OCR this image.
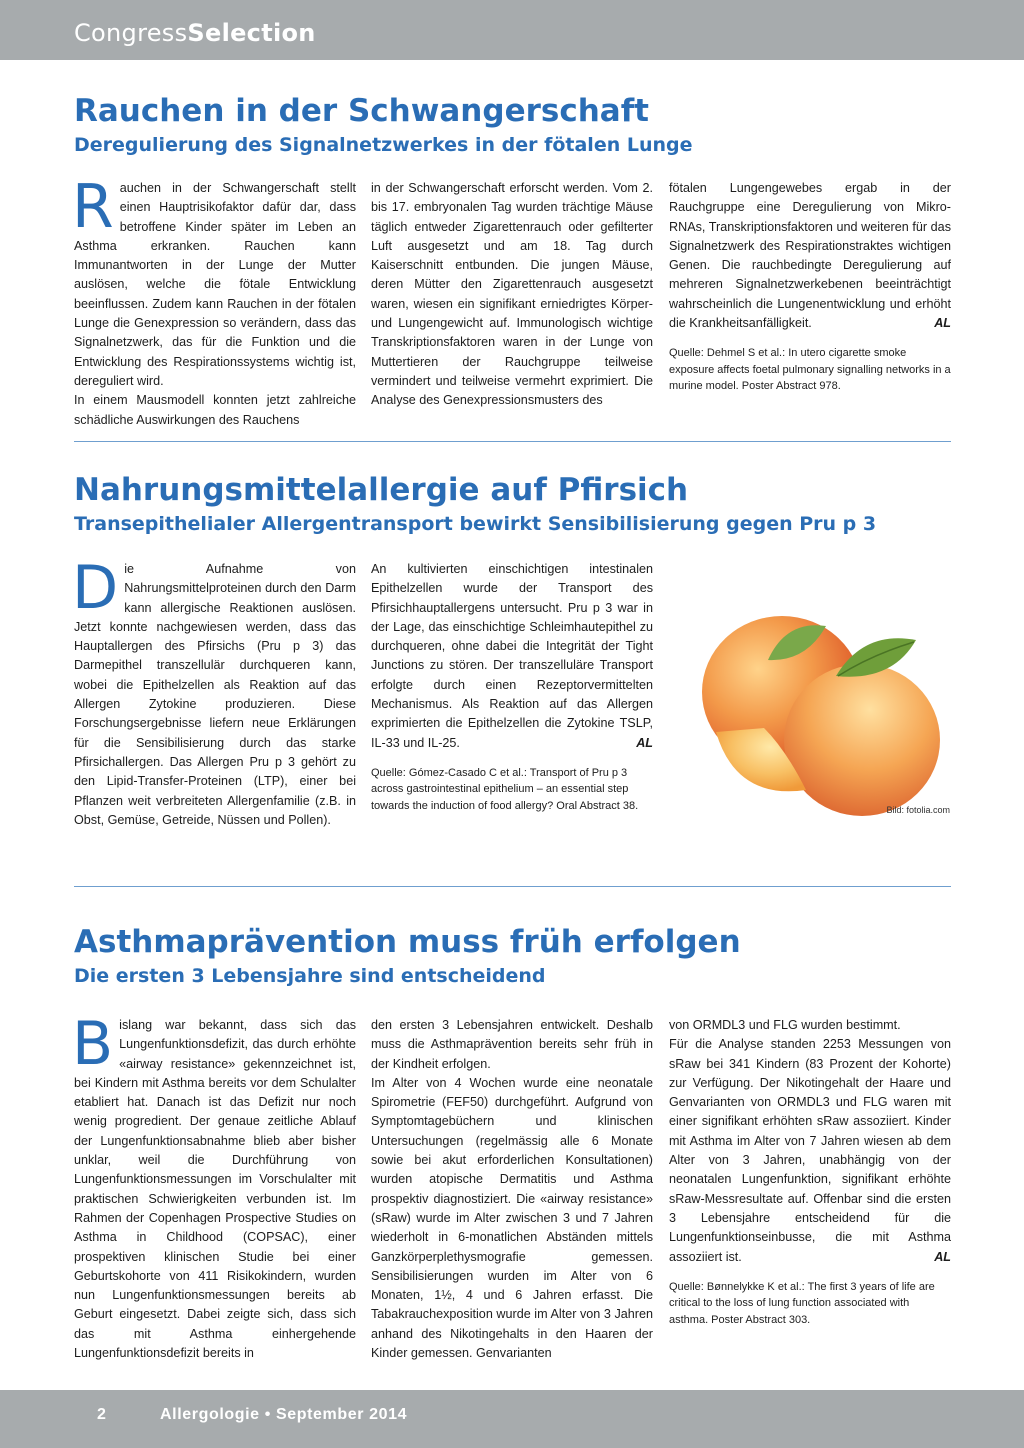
CongressSelection
Rauchen in der Schwangerschaft
Deregulierung des Signalnetzwerkes in der fötalen Lunge

Rauchen in der Schwangerschaft stellt einen Hauptrisikofaktor dafür dar, dass betroffene Kinder später im Leben an Asthma erkranken. Rauchen kann Immunantworten in der Lunge der Mutter auslösen, welche die fötale Entwicklung beeinflussen. Zudem kann Rauchen in der fötalen Lunge die Genexpression so verändern, dass das Signalnetzwerk, das für die Funktion und die Entwicklung des Respirationssystems wichtig ist, dereguliert wird.

In einem Mausmodell konnten jetzt zahlreiche schädliche Auswirkungen des Rauchens

in der Schwangerschaft erforscht werden. Vom 2. bis 17. embryonalen Tag wurden trächtige Mäuse täglich entweder Zigarettenrauch oder gefilterter Luft ausgesetzt und am 18. Tag durch Kaiserschnitt entbunden. Die jungen Mäuse, deren Mütter den Zigarettenrauch ausgesetzt waren, wiesen ein signifikant erniedrigtes Körper- und Lungengewicht auf. Immunologisch wichtige Transkriptionsfaktoren waren in der Lunge von Muttertieren der Rauchgruppe teilweise vermindert und teilweise vermehrt exprimiert. Die Analyse des Genexpressionsmusters des

fötalen Lungengewebes ergab in der Rauchgruppe eine Deregulierung von Mikro-RNAs, Transkriptionsfaktoren und weiteren für das Signalnetzwerk des Respirationstraktes wichtigen Genen. Die rauchbedingte Deregulierung auf mehreren Signalnetzwerkebenen beeinträchtigt wahrscheinlich die Lungenentwicklung und erhöht die Krankheitsanfälligkeit.	AL

Quelle: Dehmel S et al.: In utero cigarette smoke exposure affects foetal pulmonary signalling networks in a murine model. Poster Abstract 978.

Nahrungsmittelallergie auf Pfirsich
Transepithelialer Allergentransport bewirkt Sensibilisierung gegen Pru p 3

Die Aufnahme von Nahrungsmittelproteinen durch den Darm kann allergische Reaktionen auslösen. Jetzt konnte nachgewiesen werden, dass das Hauptallergen des Pfirsichs (Pru p 3) das Darmepithel transzellulär durchqueren kann, wobei die Epithelzellen als Reaktion auf das Allergen Zytokine produzieren. Diese Forschungsergebnisse liefern neue Erklärungen für die Sensibilisierung durch das starke Pfirsichallergen. Das Allergen Pru p 3 gehört zu den Lipid-Transfer-Proteinen (LTP), einer bei Pflanzen weit verbreiteten Allergenfamilie (z.B. in Obst, Gemüse, Getreide, Nüssen und Pollen).

An kultivierten einschichtigen intestinalen Epithelzellen wurde der Transport des Pfirsichhauptallergens untersucht. Pru p 3 war in der Lage, das einschichtige Schleimhautepithel zu durchqueren, ohne dabei die Integrität der Tight Junctions zu stören. Der transzelluläre Transport erfolgte durch einen Rezeptorvermittelten Mechanismus. Als Reaktion auf das Allergen exprimierten die Epithelzellen die Zytokine TSLP, IL-33 und IL-25.	AL

Quelle: Gómez-Casado C et al.: Transport of Pru p 3 across gastrointestinal epithelium – an essential step towards the induction of food allergy? Oral Abstract 38.	Bild: fotolia.com
Asthmaprävention muss früh erfolgen
Die ersten 3 Lebensjahre sind entscheidend

Bislang war bekannt, dass sich das Lungenfunktionsdefizit, das durch erhöhte «airway resistance» gekennzeichnet ist, bei Kindern mit Asthma bereits vor dem Schulalter etabliert hat. Danach ist das Defizit nur noch wenig progredient. Der genaue zeitliche Ablauf der Lungenfunktionsabnahme blieb aber bisher unklar, weil die Durchführung von Lungenfunktionsmessungen im Vorschulalter mit praktischen Schwierigkeiten verbunden ist. Im Rahmen der Copenhagen Prospective Studies on Asthma in Childhood (COPSAC), einer prospektiven klinischen Studie bei einer Geburtskohorte von 411 Risikokindern, wurden nun Lungenfunktionsmessungen bereits ab Geburt eingesetzt. Dabei zeigte sich, dass sich das mit Asthma einhergehende Lungenfunktionsdefizit bereits in

den ersten 3 Lebensjahren entwickelt. Deshalb muss die Asthmaprävention bereits sehr früh in der Kindheit erfolgen.

Im Alter von 4 Wochen wurde eine neonatale Spirometrie (FEF50) durchgeführt. Aufgrund von Symptomtagebüchern und klinischen Untersuchungen (regelmässig alle 6 Monate sowie bei akut erforderlichen Konsultationen) wurden atopische Dermatitis und Asthma prospektiv diagnostiziert. Die «airway resistance» (sRaw) wurde im Alter zwischen 3 und 7 Jahren wiederholt in 6-monatlichen Abständen mittels Ganzkörperplethysmografie gemessen. Sensibilisierungen wurden im Alter von 6 Monaten, 1½, 4 und 6 Jahren erfasst. Die Tabakrauchexposition wurde im Alter von 3 Jahren anhand des Nikotingehalts in den Haaren der Kinder gemessen. Genvarianten

von ORMDL3 und FLG wurden bestimmt.

Für die Analyse standen 2253 Messungen von sRaw bei 341 Kindern (83 Prozent der Kohorte) zur Verfügung. Der Nikotingehalt der Haare und Genvarianten von ORMDL3 und FLG waren mit einer signifikant erhöhten sRaw assoziiert. Kinder mit Asthma im Alter von 7 Jahren wiesen ab dem Alter von 3 Jahren, unabhängig von der neonatalen Lungenfunktion, signifikant erhöhte sRaw-Messresultate auf. Offenbar sind die ersten 3 Lebensjahre entscheidend für die Lungenfunktionseinbusse, die mit Asthma assoziiert ist.	AL

Quelle: Bønnelykke K et al.: The first 3 years of life are critical to the loss of lung function associated with asthma. Poster Abstract 303.

2	Allergologie • September 2014
